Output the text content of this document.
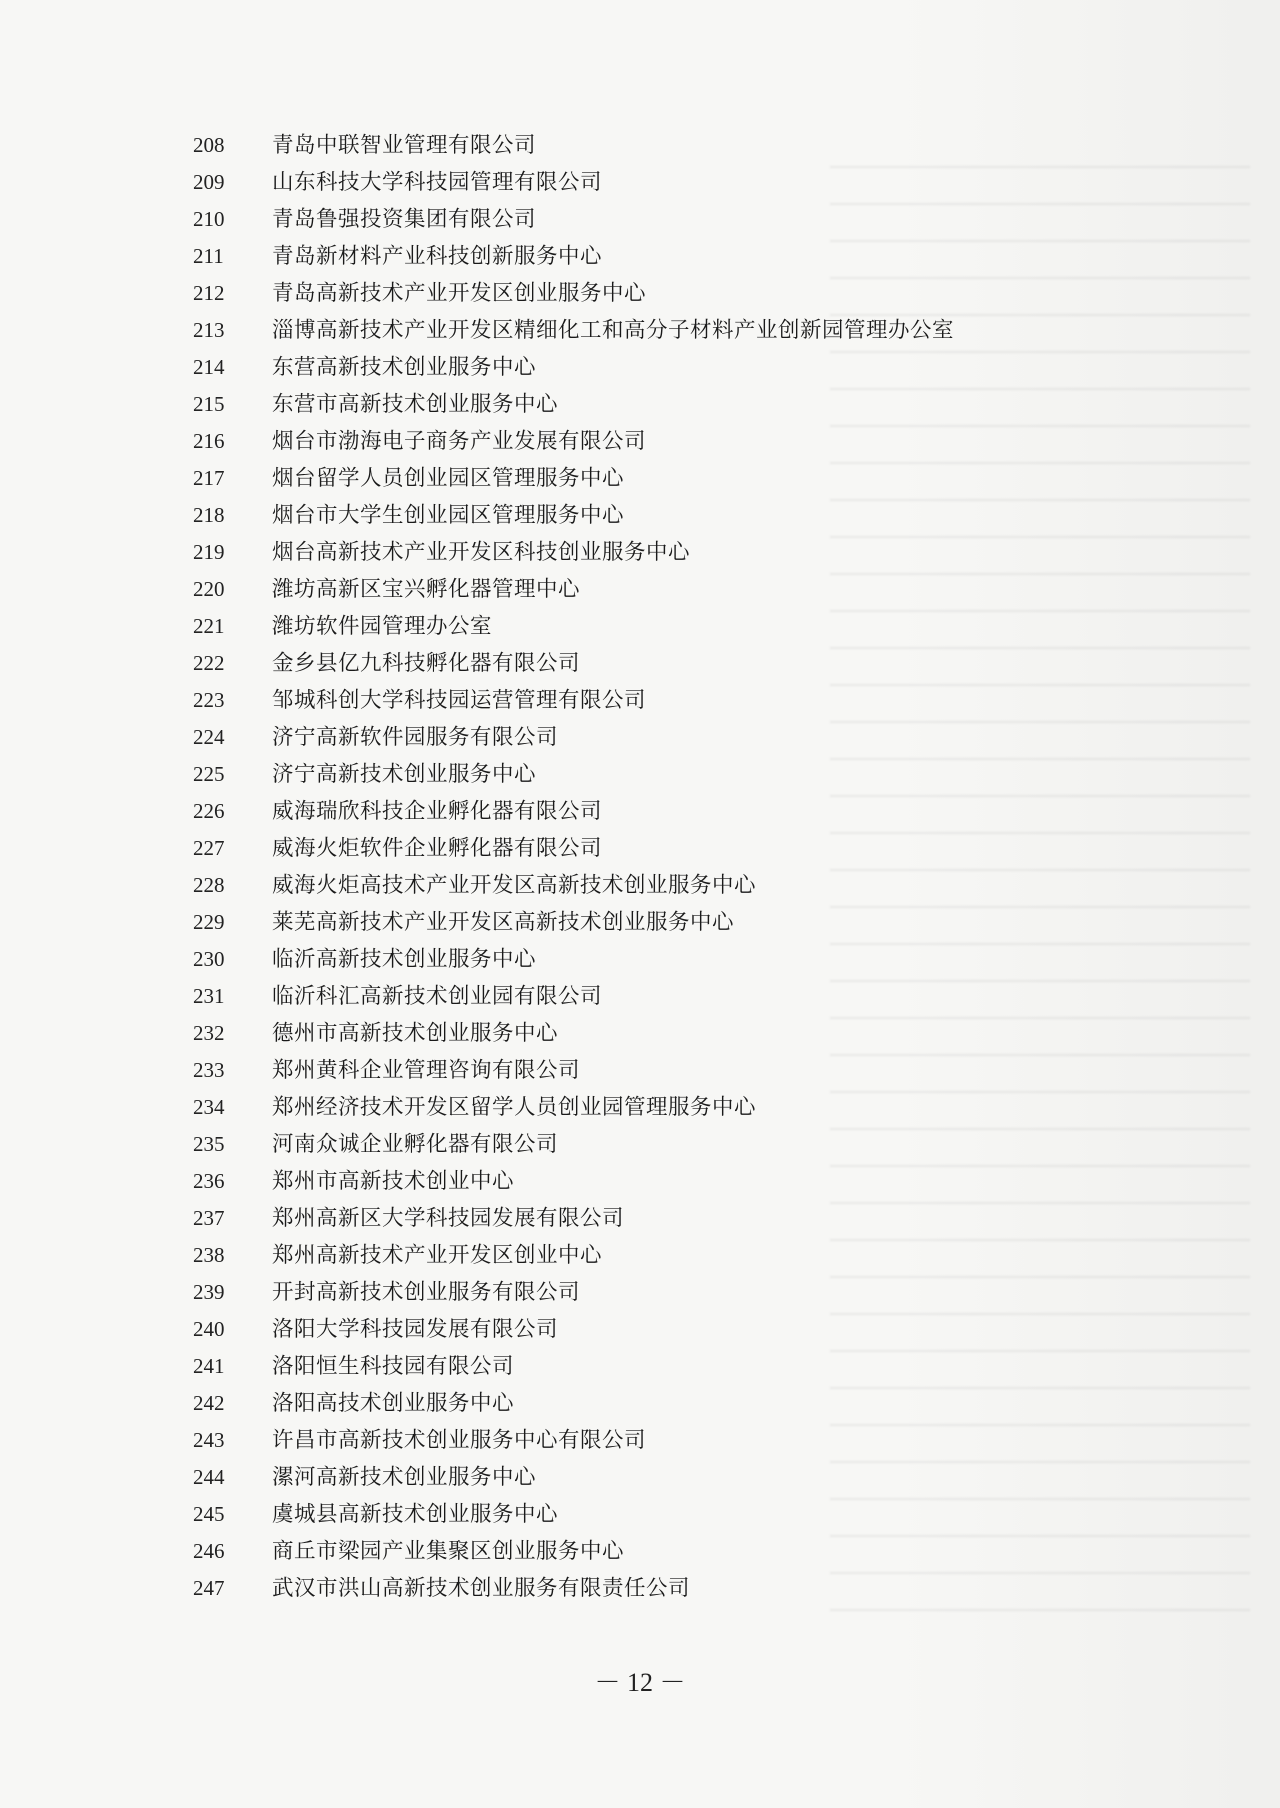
208	青岛中联智业管理有限公司
209	山东科技大学科技园管理有限公司
210	青岛鲁强投资集团有限公司
211	青岛新材料产业科技创新服务中心
212	青岛高新技术产业开发区创业服务中心
213	淄博高新技术产业开发区精细化工和高分子材料产业创新园管理办公室
214	东营高新技术创业服务中心
215	东营市高新技术创业服务中心
216	烟台市渤海电子商务产业发展有限公司
217	烟台留学人员创业园区管理服务中心
218	烟台市大学生创业园区管理服务中心
219	烟台高新技术产业开发区科技创业服务中心
220	潍坊高新区宝兴孵化器管理中心
221	潍坊软件园管理办公室
222	金乡县亿九科技孵化器有限公司
223	邹城科创大学科技园运营管理有限公司
224	济宁高新软件园服务有限公司
225	济宁高新技术创业服务中心
226	威海瑞欣科技企业孵化器有限公司
227	威海火炬软件企业孵化器有限公司
228	威海火炬高技术产业开发区高新技术创业服务中心
229	莱芜高新技术产业开发区高新技术创业服务中心
230	临沂高新技术创业服务中心
231	临沂科汇高新技术创业园有限公司
232	德州市高新技术创业服务中心
233	郑州黄科企业管理咨询有限公司
234	郑州经济技术开发区留学人员创业园管理服务中心
235	河南众诚企业孵化器有限公司
236	郑州市高新技术创业中心
237	郑州高新区大学科技园发展有限公司
238	郑州高新技术产业开发区创业中心
239	开封高新技术创业服务有限公司
240	洛阳大学科技园发展有限公司
241	洛阳恒生科技园有限公司
242	洛阳高技术创业服务中心
243	许昌市高新技术创业服务中心有限公司
244	漯河高新技术创业服务中心
245	虞城县高新技术创业服务中心
246	商丘市梁园产业集聚区创业服务中心
247	武汉市洪山高新技术创业服务有限责任公司
－ 12 －
